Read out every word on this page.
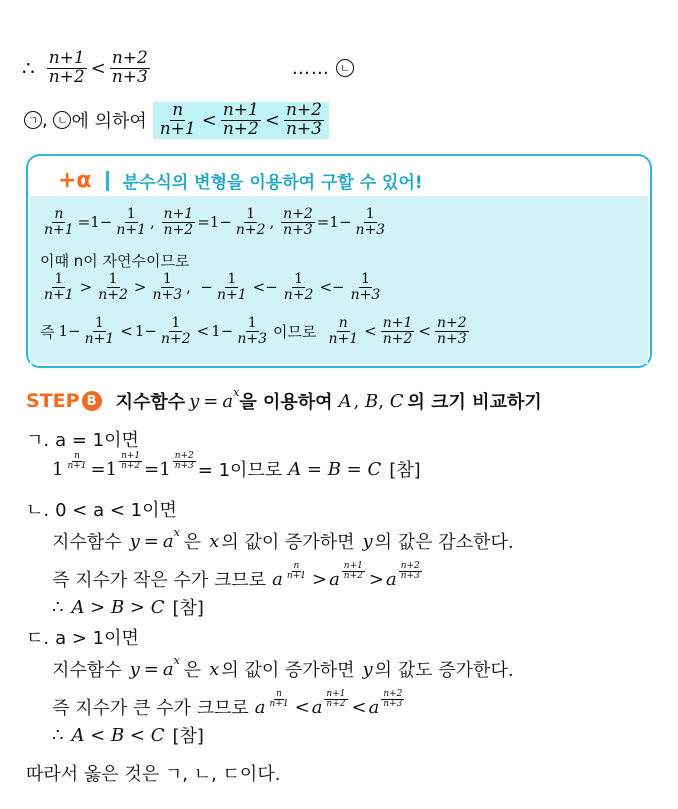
∴ $\frac{n+1}{n+2} < \frac{n+2}{n+3}$	…… ㄴ
ㄱ , ㄴ 에 의하여 $\frac{n}{n+1} < \frac{n+1}{n+2} < \frac{n+2}{n+3}$
+α 분수식의 변형을 이용하여 구할 수 있어!
$\frac{n}{n+1} =1- \frac{1}{n+1}$ , $\frac{n+1}{n+2} =1- \frac{1}{n+2}$ , $\frac{n+2}{n+3} =1- \frac{1}{n+3}$
이때 n이 자연수이므로
$\frac{1}{n+1} > \frac{1}{n+2} > \frac{1}{n+3}$ ,  − $\frac{1}{n+1} <- \frac{1}{n+2} <- \frac{1}{n+3}$
즉 $1- \frac{1}{n+1} < 1- \frac{1}{n+2} < 1- \frac{1}{n+3}$ 이므로 $\frac{n}{n+1} < \frac{n+1}{n+2} < \frac{n+2}{n+3}$
STEP B 지수함수 y = a x 을 이용하여 A , B , C 의 크기 비교하기
ㄱ. a = 1이면
$1 \frac{n}{n+1} =1 \frac{n+1}{n+2} =1 \frac{n+2}{n+3} = 1$이므로 A = B = C [참]
ㄴ. 0 < a < 1이면
지수함수 y = a x 은 x 의 값이 증가하면 y 의 값은 감소한다.
즉 지수가 작은 수가 크므로 a $\frac{n}{n+1} > a \frac{n+1}{n+2} > a \frac{n+2}{n+3}$
∴ A > B > C [참]
ㄷ. a > 1이면
지수함수 y = a x 은 x 의 값이 증가하면 y 의 값도 증가한다.
즉 지수가 큰 수가 크므로 a $\frac{n}{n+1} < a \frac{n+1}{n+2} < a \frac{n+2}{n+3}$
∴ A < B < C [참]
따라서 옳은 것은 ㄱ, ㄴ, ㄷ이다.
